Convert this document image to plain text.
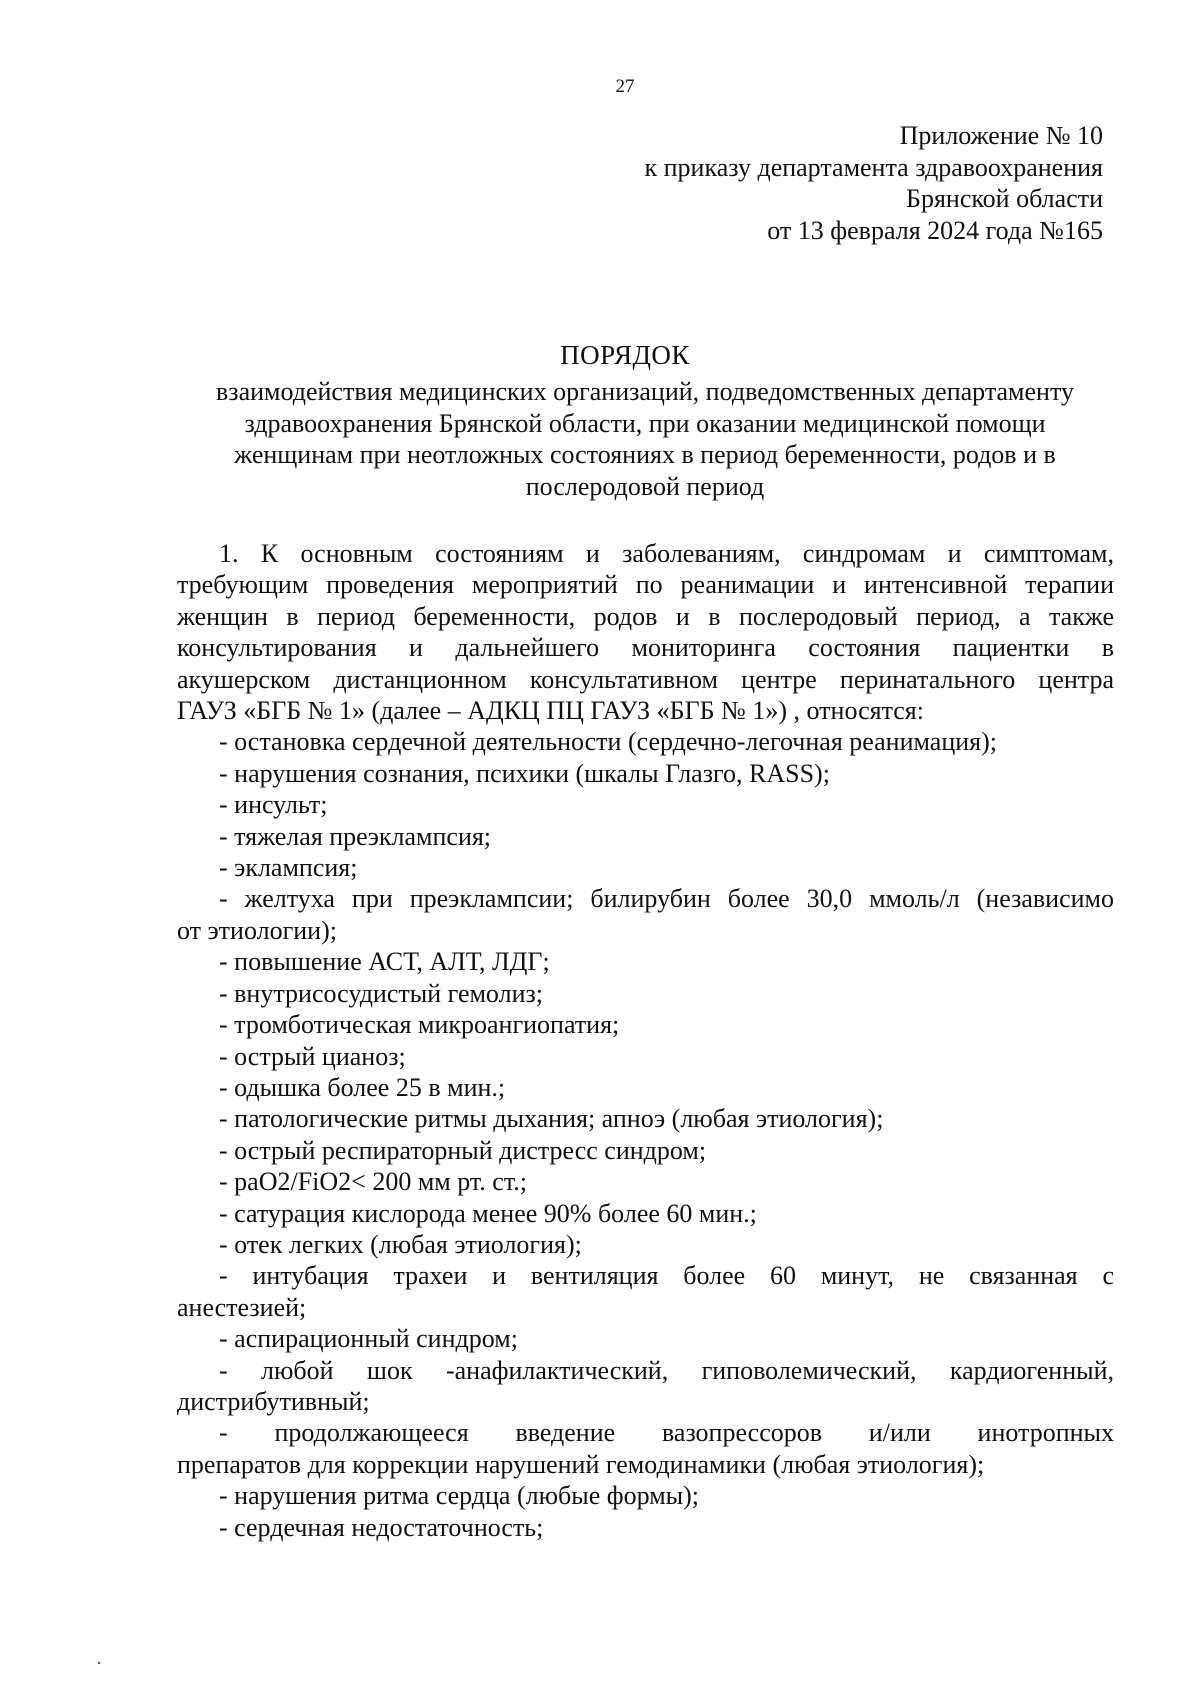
27
Приложение № 10
к приказу департамента здравоохранения
Брянской области
от 13 февраля 2024 года №165
ПОРЯДОК
взаимодействия медицинских организаций, подведомственных департаменту
здравоохранения Брянской области, при оказании медицинской помощи
женщинам при неотложных состояниях в период беременности, родов и в
послеродовой период
1. К основным состояниям и заболеваниям, синдромам и симптомам,
требующим проведения мероприятий по реанимации и интенсивной терапии
женщин в период беременности, родов и в послеродовый период, а также
консультирования и дальнейшего мониторинга состояния пациентки в
акушерском дистанционном консультативном центре перинатального центра
ГАУЗ «БГБ № 1» (далее – АДКЦ ПЦ ГАУЗ «БГБ № 1») , относятся:
- остановка сердечной деятельности (сердечно-легочная реанимация);
- нарушения сознания, психики (шкалы Глазго, RASS);
- инсульт;
- тяжелая преэклампсия;
- эклампсия;
- желтуха при преэклампсии; билирубин более 30,0 ммоль/л (независимо
от этиологии);
- повышение АСТ, АЛТ, ЛДГ;
- внутрисосудистый гемолиз;
- тромботическая микроангиопатия;
- острый цианоз;
- одышка более 25 в мин.;
- патологические ритмы дыхания; апноэ (любая этиология);
- острый респираторный дистресс синдром;
- paO2/FiO2< 200 мм рт. ст.;
- сатурация кислорода менее 90% более 60 мин.;
- отек легких (любая этиология);
- интубация трахеи и вентиляция более 60 минут, не связанная с
анестезией;
- аспирационный синдром;
- любой шок -анафилактический, гиповолемический, кардиогенный,
дистрибутивный;
- продолжающееся введение вазопрессоров и/или инотропных
препаратов для коррекции нарушений гемодинамики (любая этиология);
- нарушения ритма сердца (любые формы);
- сердечная недостаточность;
